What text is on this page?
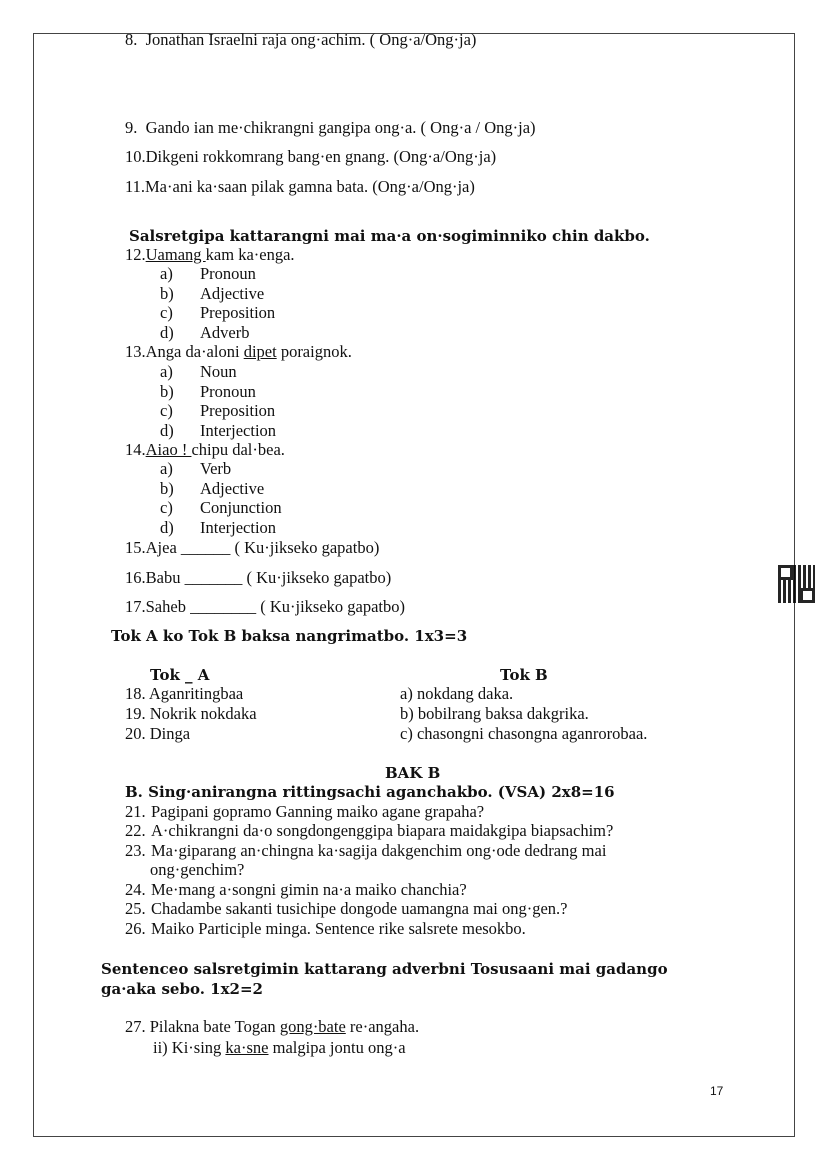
8. Jonathan Israelni raja ong·achim. ( Ong·a/Ong·ja)
9. Gando ian me·chikrangni gangipa ong·a. ( Ong·a / Ong·ja)
10.Dikgeni rokkomrang bang·en gnang. (Ong·a/Ong·ja)
11.Ma·ani ka·saan pilak gamna bata. (Ong·a/Ong·ja)
Salsretgipa kattarangni mai ma·a on·sogiminniko chin dakbo.
12.Uamang kam ka·enga.
13.Anga da·aloni dipet poraignok.
14.Aiao ! chipu dal·bea.
15.Ajea ______ ( Ku·jikseko gapatbo)
16.Babu _______ ( Ku·jikseko gapatbo)
17.Saheb ________ ( Ku·jikseko gapatbo)
Tok A ko Tok B baksa nangrimatbo. 1x3=3
Tok _ A	Tok B
BAK B
B. Sing·anirangna rittingsachi aganchakbo. (VSA) 2x8=16
Sentenceo salsretgimin kattarang adverbni Tosusaani mai gadango
ga·aka sebo. 1x2=2
27. Pilakna bate Togan gong·bate re·angaha.
ii) Ki·sing ka·sne malgipa jontu ong·a
17
a) Pronoun
b) Adjective
c) Preposition
d) Adverb
a) Noun
b) Pronoun
c) Preposition
d) Interjection
a) Verb
b) Adjective
c) Conjunction
d) Interjection
18. Aganritingbaa	a) nokdang daka.
19. Nokrik nokdaka	b) bobilrang baksa dakgrika.
20. Dinga	c) chasongni chasongna aganrorobaa.
21. Pagipani gopramo Ganning maiko agane grapaha?
22. A·chikrangni da·o songdongenggipa biapara maidakgipa biapsachim?
23. Ma·giparang an·chingna ka·sagija dakgenchim ong·ode dedrang mai
ong·genchim?
24. Me·mang a·songni gimin na·a maiko chanchia?
25. Chadambe sakanti tusichipe dongode uamangna mai ong·gen.?
26. Maiko Participle minga. Sentence rike salsrete mesokbo.
